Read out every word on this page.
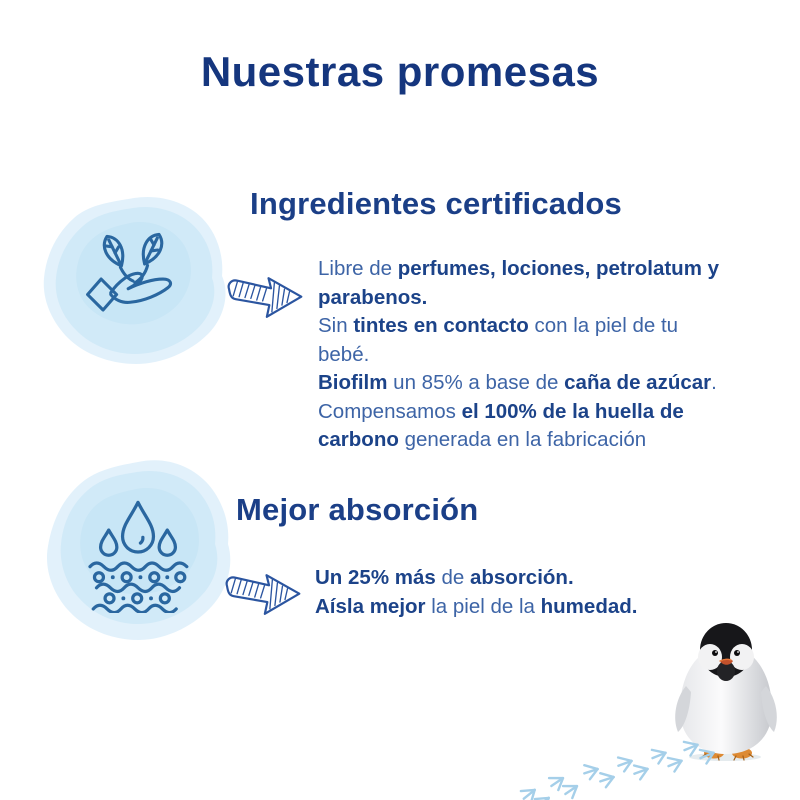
Nuestras promesas
Ingredientes certificados
Libre de perfumes, lociones, petrolatum y
parabenos.
Sin tintes en contacto con la piel de tu
bebé.
Biofilm un 85% a base de caña de azúcar.
Compensamos el 100% de la huella de
carbono generada en la fabricación
Mejor absorción
Un 25% más de absorción.
Aísla mejor la piel de la humedad.
